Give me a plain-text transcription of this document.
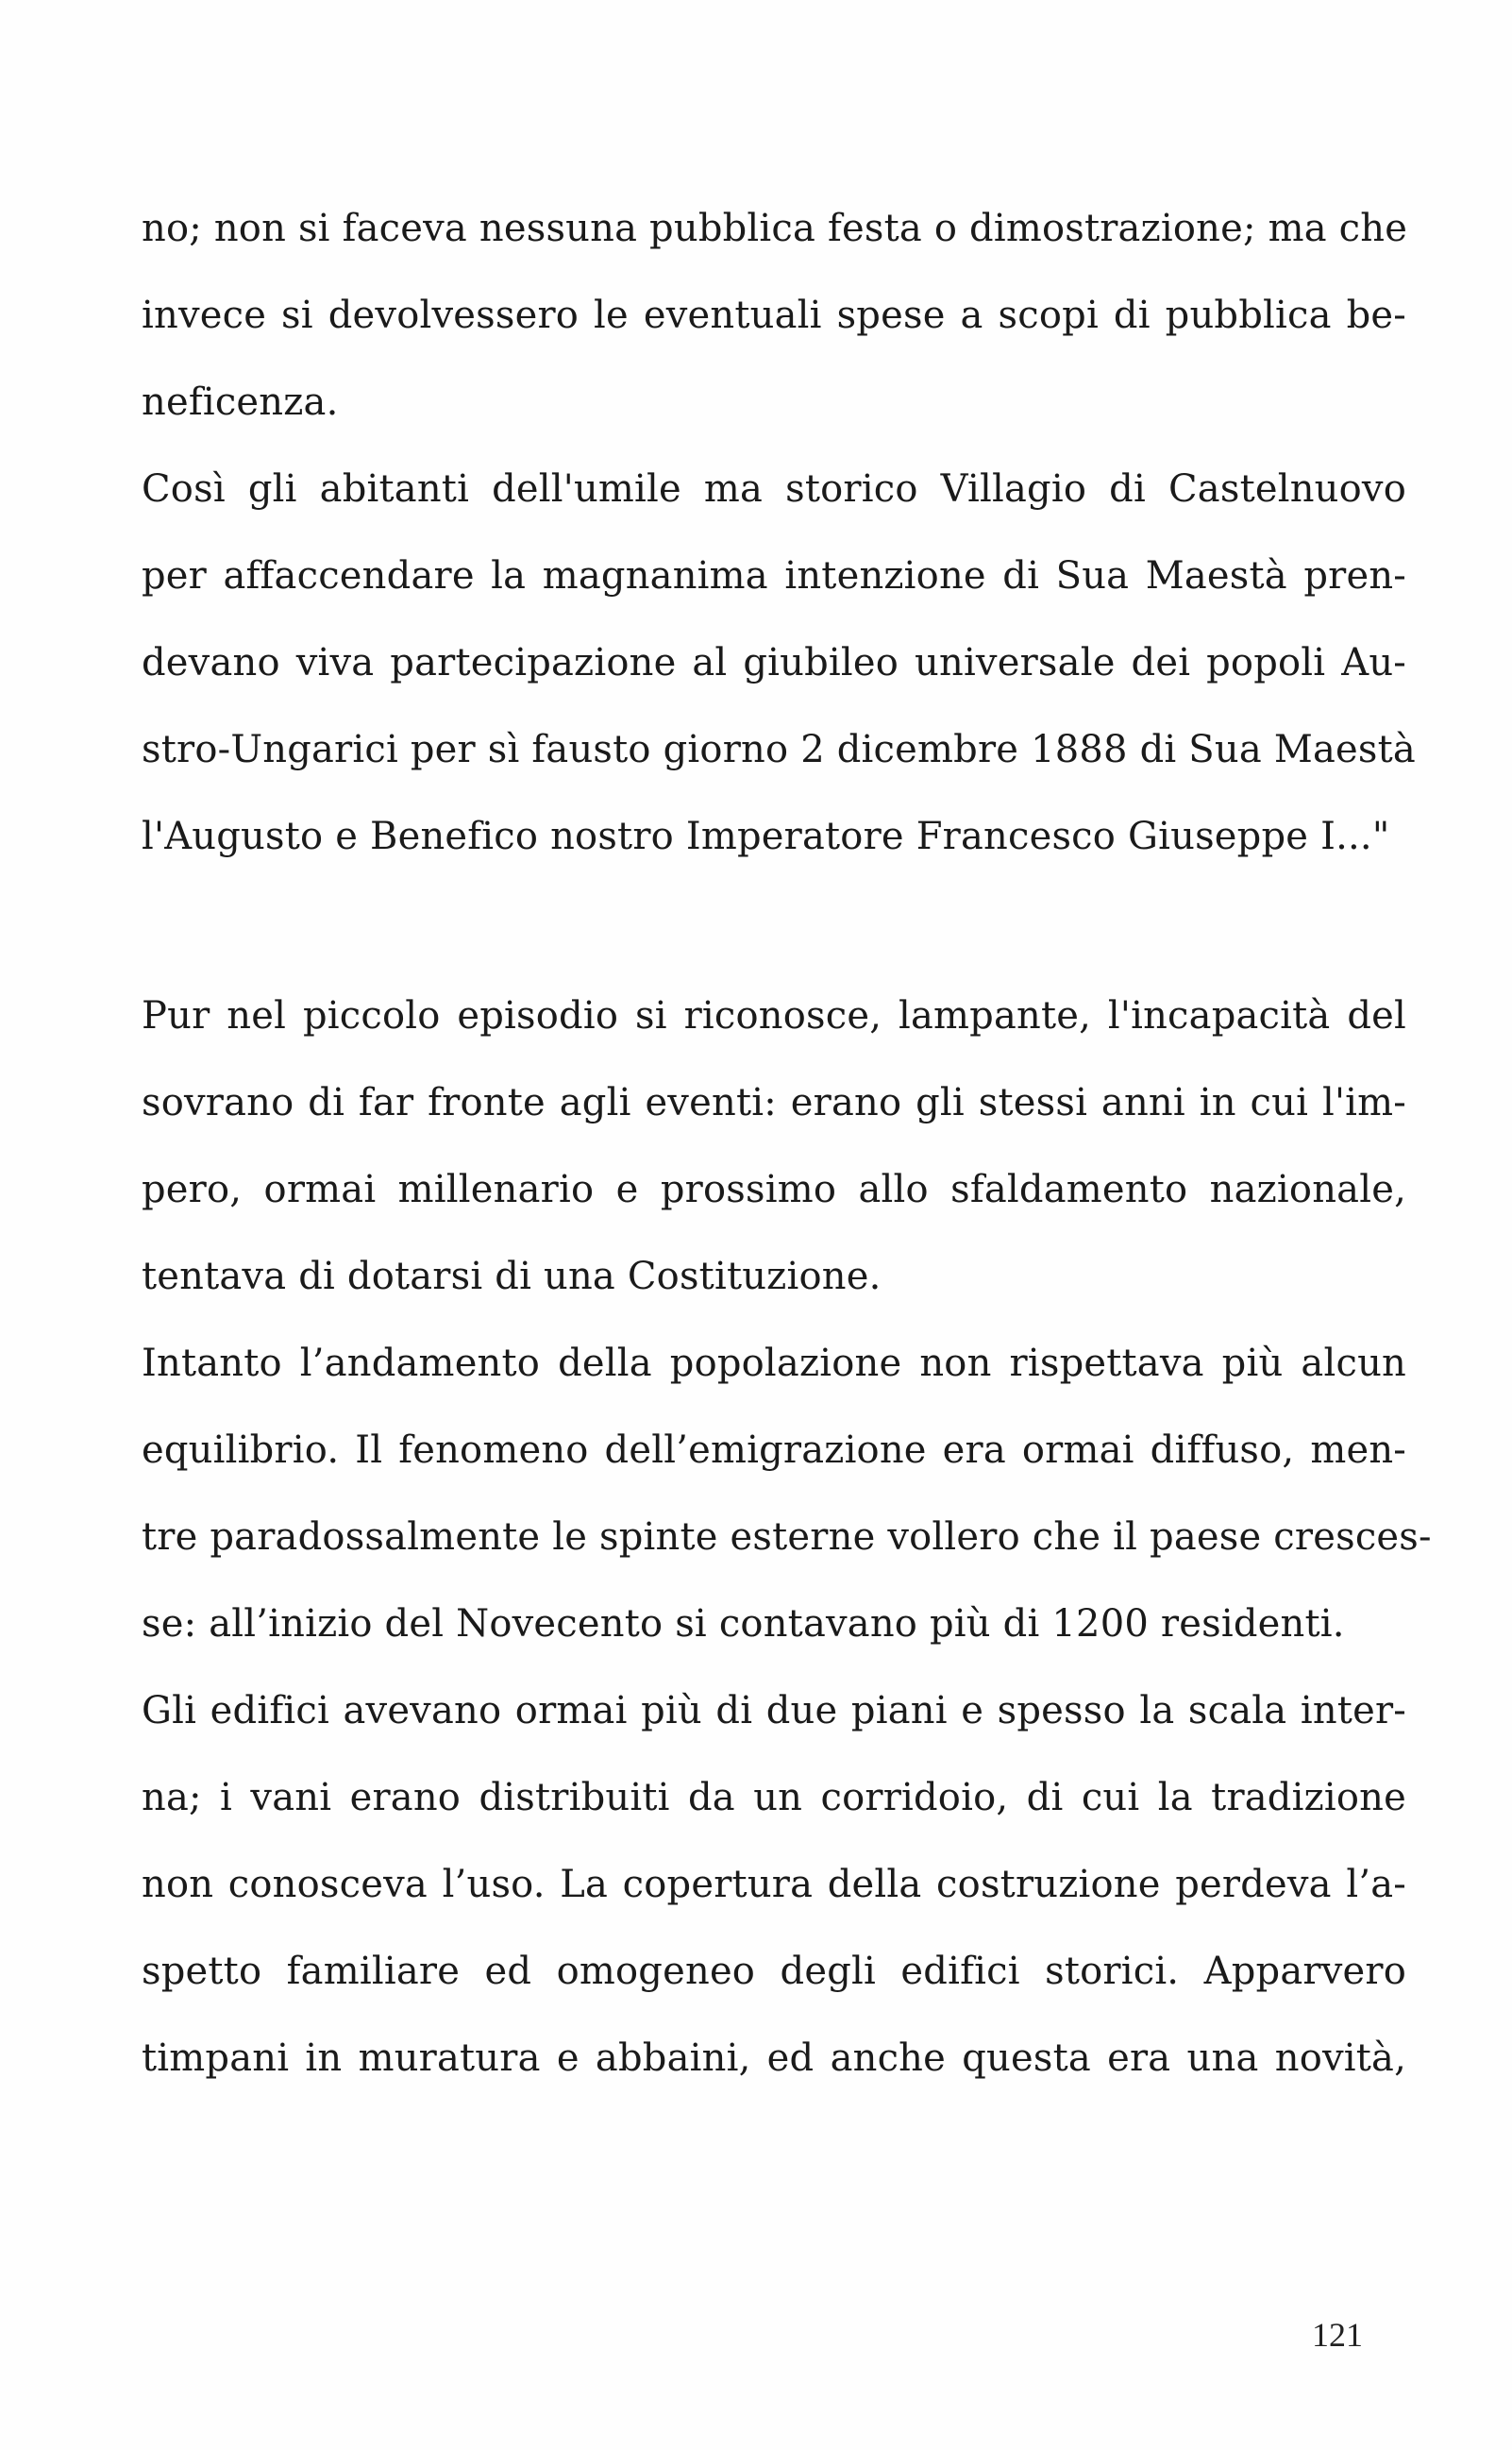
no; non si faceva nessuna pubblica festa o dimostrazione; ma che
invece si devolvessero le eventuali spese a scopi di pubblica be-
neficenza.
Così gli abitanti dell'umile ma storico Villagio di Castelnuovo
per affaccendare la magnanima intenzione di Sua Maestà pren-
devano viva partecipazione al giubileo universale dei popoli Au-
stro-Ungarici per sì fausto giorno 2 dicembre 1888 di Sua Maestà
l'Augusto e Benefico nostro Imperatore Francesco Giuseppe I..."
Pur nel piccolo episodio si riconosce, lampante, l'incapacità del
sovrano di far fronte agli eventi: erano gli stessi anni in cui l'im-
pero, ormai millenario e prossimo allo sfaldamento nazionale,
tentava di dotarsi di una Costituzione.
Intanto l’andamento della popolazione non rispettava più alcun
equilibrio. Il fenomeno dell’emigrazione era ormai diffuso, men-
tre paradossalmente le spinte esterne vollero che il paese cresces-
se: all’inizio del Novecento si contavano più di 1200 residenti.
Gli edifici avevano ormai più di due piani e spesso la scala inter-
na; i vani erano distribuiti da un corridoio, di cui la tradizione
non conosceva l’uso. La copertura della costruzione perdeva l’a-
spetto familiare ed omogeneo degli edifici storici. Apparvero
timpani in muratura e abbaini, ed anche questa era una novità,
121
